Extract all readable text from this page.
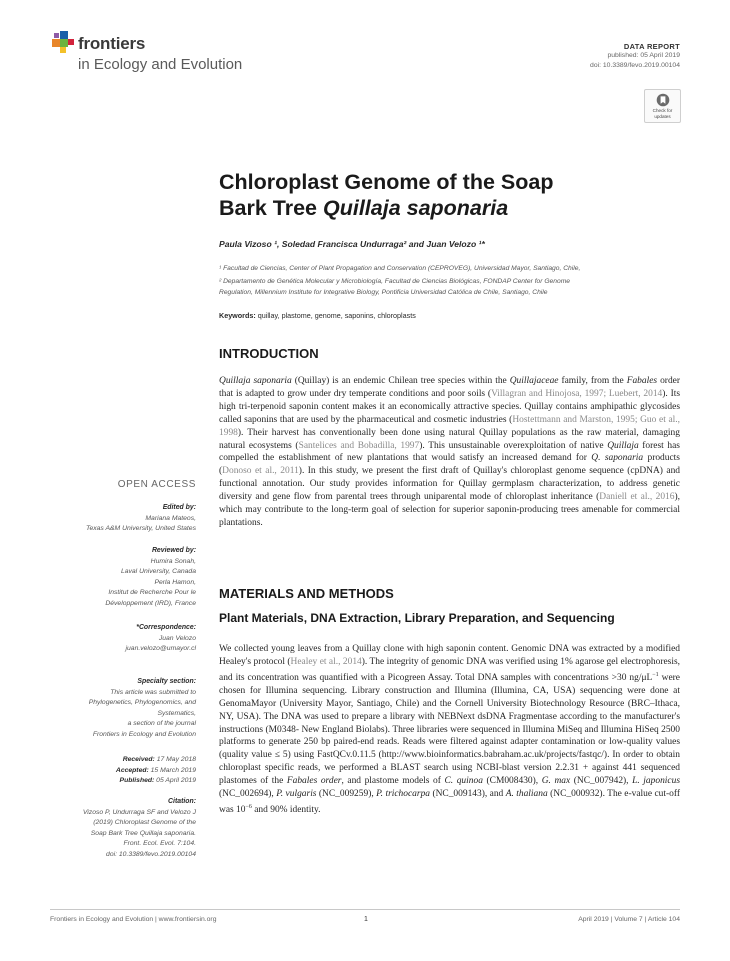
frontiers
in Ecology and Evolution
DATA REPORT
published: 05 April 2019
doi: 10.3389/fevo.2019.00104
Check for
updates
Chloroplast Genome of the Soap
Bark Tree Quillaja saponaria
Paula Vizoso ¹, Soledad Francisca Undurraga² and Juan Velozo ¹*
¹ Facultad de Ciencias, Center of Plant Propagation and Conservation (CEPROVEG), Universidad Mayor, Santiago, Chile,
² Departamento de Genética Molecular y Microbiología, Facultad de Ciencias Biológicas, FONDAP Center for Genome
Regulation, Millennium Institute for Integrative Biology, Pontificia Universidad Católica de Chile, Santiago, Chile
Keywords: quillay, plastome, genome, saponins, chloroplasts
INTRODUCTION

Quillaja saponaria (Quillay) is an endemic Chilean tree species within the Quillajaceae family, from the Fabales order that is adapted to grow under dry temperate conditions and poor soils (Villagran and Hinojosa, 1997; Luebert, 2014). Its high tri-terpenoid saponin content makes it an economically attractive species. Quillay contains amphipathic glycosides called saponins that are used by the pharmaceutical and cosmetic industries (Hostettmann and Marston, 1995; Guo et al., 1998). Their harvest has conventionally been done using natural Quillay populations as the raw material, damaging natural ecosystems (Santelices and Bobadilla, 1997). This unsustainable overexploitation of native Quillaja forest has compelled the establishment of new plantations that would satisfy an increased demand for Q. saponaria products (Donoso et al., 2011). In this study, we present the first draft of Quillay's chloroplast genome sequence (cpDNA) and functional annotation. Our study provides information for Quillay germplasm characterization, to address genetic diversity and gene flow from parental trees through uniparental mode of chloroplast inheritance (Daniell et al., 2016), which may contribute to the long-term goal of selection for superior saponin-producing trees amenable for commercial plantations.

MATERIALS AND METHODS
Plant Materials, DNA Extraction, Library Preparation, and Sequencing

We collected young leaves from a Quillay clone with high saponin content. Genomic DNA was extracted by a modified Healey's protocol (Healey et al., 2014). The integrity of genomic DNA was verified using 1% agarose gel electrophoresis, and its concentration was quantified with a Picogreen Assay. Total DNA samples with concentrations >30 $ng/\mu L^{-1}$ were chosen for Illumina sequencing. Library construction and Illumina (Illumina, CA, USA) sequencing were done at GenomaMayor (University Mayor, Santiago, Chile) and the Cornell University Biotechnology Resource (BRC–Ithaca, NY, USA). The DNA was used to prepare a library with NEBNext dsDNA Fragmentase according to the manufacturer's instructions (M0348- New England Biolabs). Three libraries were sequenced in Illumina MiSeq and Illumina HiSeq 2500 platforms to generate 250 bp paired-end reads. Reads were filtered against adapter contamination or low-quality values (quality value ≤ 5) using FastQCv.0.11.5 (http://www.bioinformatics.babraham.ac.uk/projects/fastqc/). In order to obtain chloroplast specific reads, we performed a BLAST search using NCBI-blast version 2.2.31 + against 441 sequenced plastomes of the Fabales order, and plastome models of C. quinoa (CM008430), G. max (NC_007942), L. japonicus (NC_002694), P. vulgaris (NC_009259), P. trichocarpa (NC_009143), and A. thaliana (NC_000932). The e-value cut-off was $10^{-6}$ and 90% identity.

OPEN ACCESS
Edited by:
Mariana Mateos,
Texas A&M University, United States
Reviewed by:
Humira Sonah,
Laval University, Canada
Perla Hamon,
Institut de Recherche Pour le
Développement (IRD), France
*Correspondence:
Juan Velozo
juan.velozo@umayor.cl
Specialty section:
This article was submitted to
Phylogenetics, Phylogenomics, and
Systematics,
a section of the journal
Frontiers in Ecology and Evolution
Received: 17 May 2018
Accepted: 15 March 2019
Published: 05 April 2019
Citation:
Vizoso P, Undurraga SF and Velozo J
(2019) Chloroplast Genome of the
Soap Bark Tree Quillaja saponaria.
Front. Ecol. Evol. 7:104.
doi: 10.3389/fevo.2019.00104
Frontiers in Ecology and Evolution | www.frontiersin.org	1	April 2019 | Volume 7 | Article 104
